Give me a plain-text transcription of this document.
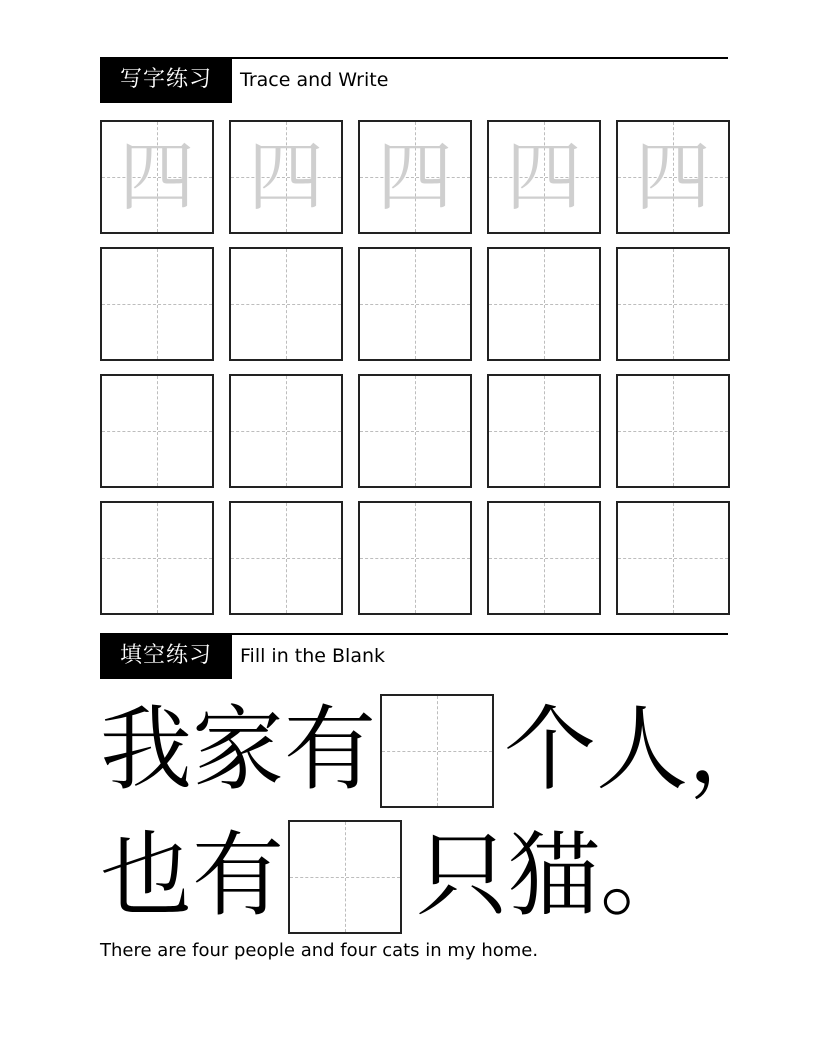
写字练习	Trace and Write
四 四 四 四 四
填空练习	Fill in the Blank
我家有 个人，
也有 只猫。
There are four people and four cats in my home.
